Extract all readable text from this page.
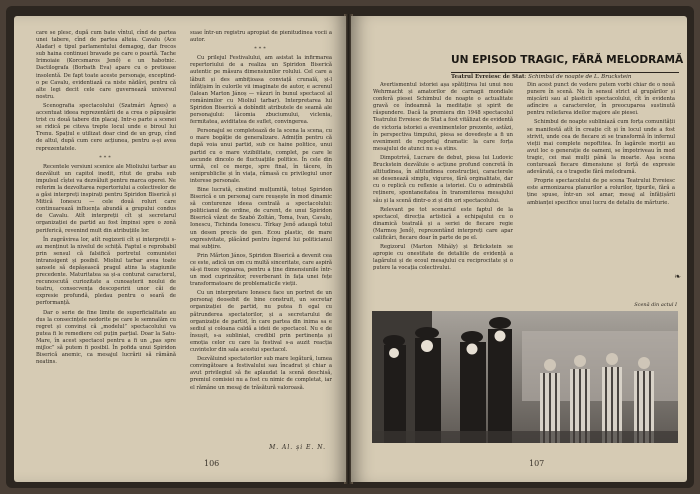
care se plesc, după cum bate vîntul, cînd de partea unei tabere, cînd de partea alteia. Cavalu (Ace Aladar) e tipul parlamentului demagog, dar frecos sub haina continuei bravade pe care o poartă. Tache Irimoiaie (Korcsmaros Jenő) e un habotnic. Dactilografa (Borbath Eva) apare cu o pretioase insolentă. De fapt toate aceste personaje, exceptind-o pe Cavalu, evidentiază ca niste nădăvi, pentru că alte legi decit cele care guvernează universul nostru.

Scenografia spectacolului (Szatmári Ágnes) a accentuat ideea reprezentării de a crea o păpușărie trist cu două tabere din placaj. Intr-o parte a scenei se ridică pe citeva trepte locul unde e biroul lui Trenu. Spațiul e utilizat doar cind de un grup, cînd de altul, după cum cere acțiunea, pentru a-și avea reprezentatele.

***

Recentele versiuni scenice ale Mioliului tarbar au dezvăluit un capitol inedit, ritut de graba sub impulsul cîștei va dezvăluit pentru marca operei. Ne referim la dezvoltarea repertoriului a colectivelor de a găsi interpreți inspirați pentru Spiridon Biserică și Mitică Ionescu — cele două roluri care continuarează influența abundă a grupului condus de Cavalu. Atît interpreții cît și secretarul organizației de partid au fost împinsi spre o zonă periferică, revenind mult din atribuțiile lor.

În zugrăvirea lor, atît regizorii cît și interpreții s-au menținut la nivelul de schiță. Faptul e reprobabil prin sensul că falsifică portretul comunistei intransigent și posibil. Mioliul tarbar avea toate șansele să depășească pragul atins la stagiunile precedente. Maturitatea sa și-a conturat caracterul, recunoscută curiozitate a cunoașterii noului de teatru, consecvența descoperirii unor căi de expresie profundă, pledau pentru o seară de performanță.

Dar o serie de fine limite de superficialitate au dus la consecințele nedorite pe care le semnalăm cu regret și convinși că „modelul” spectacolului va putea fi le remediere cel puțin parțial. Doar la Satu-Mare, în acest spectacol pentru a fi un „pas spre mijloc” să putem fi posibil. În pofida unui Spiridon Biserică anemic, ca mesajul lucrării să rămână neatins.

suae într-un registru apropiat de pienitudinea vocii a autor.

***

Cu prilejul Festivalului, am asistat la infirmarea repertoriului de a realiza un Spiridon Biserică autentic pe măsura dimensiunilor rolului. Cel care a lăbuit și des ambițioasa conviață crunală, și-l înfățișim în culorile vii imaginate de autor, e acrenul (lalean Marton Jánoș — văzuri în bunul spectacol al românimilor cu Mioliul tarbar). Interpretarea lui Spiridon Biserică a dobîndit atributele de seamă ale personajului: lăcomia zbuciumului, viclenia, fermitatea, aviditatea de suflet, convingerea.

Personajul se completează de la scena la scena, cu o mare bogăție de generalizare. Admițîn pentru că după voia unui partid, sub ce haine politice, unui partid cu o mare vizibilitate, complet, pe care le ascunde dincolo de fluctuațiile politice. În cele din urmă, cel ce merge, spre final, în tăcere, în seniprubliclie și în viața, rămasă cu privilegiul unor interese personale.

Bine lucrată, cinstind mulțumită, totuși Spiridon Biserică e un personaj care reușește în mod dinamic să conturenze ideea centrală a spectacolului: politicianul de ordine, de curent, de unui Spiridon Biserică văzut de Szabó Zoltán, Toma, Ivan, Cavalu, Ionescu, Tichinda Ionescu. Tîrkay Jenő adaugă totul un desen precis de gen. Ecou plastic, de mare expresivitate, plăcând pentru îngerul lui politicianul mai subțire.

Prin Mărton János, Spiridon Biserică a devenit cea ce este, adică un om cu multă sinceritate, care aspiră să-și fixeze vigoarea, pentru a ține dimensiunile într-un mod cuprinzător, reverberant în fața unei fețe transformatoare de problematicile vieții.

Cu un interpretare Ionescu face un portret de un personaj deosebit de bine construit, un secretar organizației de partid, nu putea fi egal cu pătrunderea spectatorilor, și a secretarului de organizație de partid, în care partea din inima sa e sediul și coloana caldă a ideii de spectacol. Nu e de însușit, s-a subliniat, credibil prin pertinența și emoția celor cu care la festival s-a auzit reacția cuvintelor din sala acestui spectacol.

Dezvăluind spectatorilor sub mare legătură, lumea convingătoare a festivalului sau încadrat și chiar a avut privilegiul să fie aplaudat la scenă deschisă, premiul comisiei nu a fost cu nimic de completat, iar el rămâne un mesaj de trăsătură valoroasă.

M. Al. și E. N.
106
UN EPISOD TRAGIC, FĂRĂ MELODRAMĂ
Teatrul Evreiesc de Stat: Schimbul de noapte de L. Bruckstein

Avertismentul istoriei așa spătițirea lui unui nou Wehrmacht și amatorilor de carnagii mondiale conferă piesei Schimbul de noapte o actualitate gravă ce îndeamnă la meditație și spirit de răspundere. Dacă la premiera din 1948 spectacolul Teatrului Evreiesc de Stat a fost vitălizat de evidentă de victoria istoriei a evenimentelor prezente, astăzi, în perspectiva timpului, piesa se dovedește a fi un eveniment de reportaj dramatic la care forța mesajului de atunci nu s-a stins.

Dimpotrivă, Lucrare de debut, piesa lui Ludovic Bruckstein dezvăluie o acțiune profund concretă în altitudinea, în altitudinea construcției, caracterele se desenează simplu, viguros, fără orginalitate, dar cu o replică cu reflexie a istoriei. Cu o admirabilă reținere, spontaneitatea în transmiterea mesajului său și la scenă dintr-o zi și din ori spectacolului.

Relevant pe tot scenariul este faptul de la spectacol, direcția artistică a echipajului cu o dinamică teatrală și a seriei de fiecare regie (Marmoș Jenő), reprezentând interpreți care apar calificări, fiecare doar în parte de pe el.

Regizorul (Marton Mihály) și Brückstein se apropie cu onestitate de detaliile de evidență a lagărului și de ecoul mesajului cu reciprocitate și o putere la vocația colectivului.

Din acest punct de vedere putem vorbi chiar de o nouă punere în scenă. Nu în sensul strict al grupărilor și mișcării sau al plasticii spectacolului, cît în evidenta adîncire a caracterelor, în preocuparea sustinută pentru reliefarea ideilor majore ale piesei.

Schimbul de noapte subliniază cum forța comunității se manifestă atît în creație cît și în locul unde a fost strivit, unde cea de fiecare zi se transformă în infernul vieții mai complete nepoftitea. În lagărele morții au avut loc o generație de oameni, se împotriveau în mod tragic, cei mai mulți până la moarte. Așa scena conturează fiecare dimensiune și forță de expresie adevărată, ca o tragedie fără melodramă.

Proprie spectacolului de pe scena Teatrului Evreiesc este armonizarea planurilor a rolurilor, tipurile, fără a ține spuse, într-un sol amar, mesaj al înfățișării ambianței specifice unui lucru de detaliu de mărturie.

❧
Scenă din actul I
107
